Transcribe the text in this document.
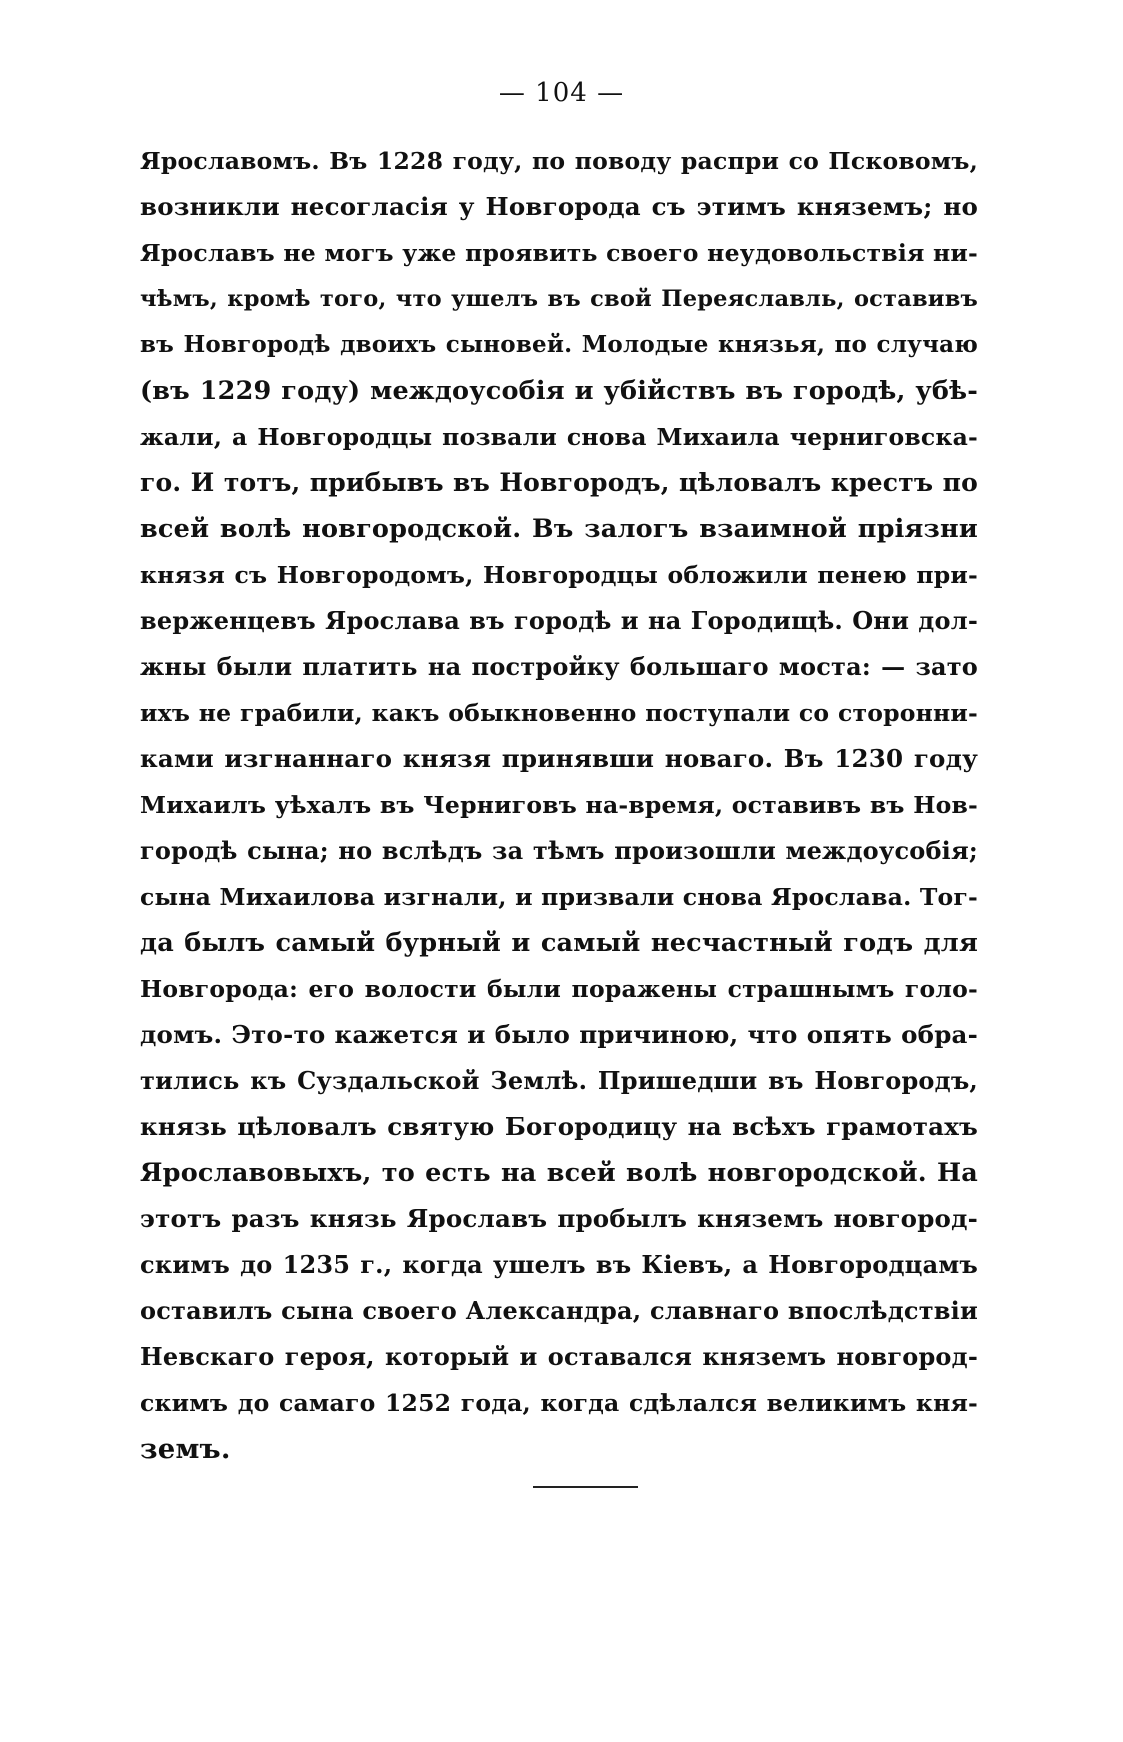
— 104 —
Ярославомъ. Въ 1228 году, по поводу распри со Псковомъ,
возникли несогласія у Новгорода съ этимъ княземъ; но
Ярославъ не могъ уже проявить своего неудовольствія ни-
чѣмъ, кромѣ того, что ушелъ въ свой Переяславль, оставивъ
въ Новгородѣ двоихъ сыновей. Молодые князья, по случаю
(въ 1229 году) междоусобія и убійствъ въ городѣ, убѣ-
жали, а Новгородцы позвали снова Михаила черниговска-
го. И тотъ, прибывъ въ Новгородъ, цѣловалъ крестъ по
всей волѣ новгородской. Въ залогъ взаимной пріязни
князя съ Новгородомъ, Новгородцы обложили пенею при-
верженцевъ Ярослава въ городѣ и на Городищѣ. Они дол-
жны были платить на постройку большаго моста: — зато
ихъ не грабили, какъ обыкновенно поступали со сторонни-
ками изгнаннаго князя принявши новаго. Въ 1230 году
Михаилъ уѣхалъ въ Черниговъ на-время, оставивъ въ Нов-
городѣ сына; но вслѣдъ за тѣмъ произошли междоусобія;
сына Михаилова изгнали, и призвали снова Ярослава. Тог-
да былъ самый бурный и самый несчастный годъ для
Новгорода: его волости были поражены страшнымъ голо-
домъ. Это-то кажется и было причиною, что опять обра-
тились къ Суздальской Землѣ. Пришедши въ Новгородъ,
князь цѣловалъ святую Богородицу на всѣхъ грамотахъ
Ярославовыхъ, то есть на всей волѣ новгородской. На
этотъ разъ князь Ярославъ пробылъ княземъ новгород-
скимъ до 1235 г., когда ушелъ въ Кіевъ, а Новгородцамъ
оставилъ сына своего Александра, славнаго впослѣдствіи
Невскаго героя, который и оставался княземъ новгород-
скимъ до самаго 1252 года, когда сдѣлался великимъ кня-
земъ.
